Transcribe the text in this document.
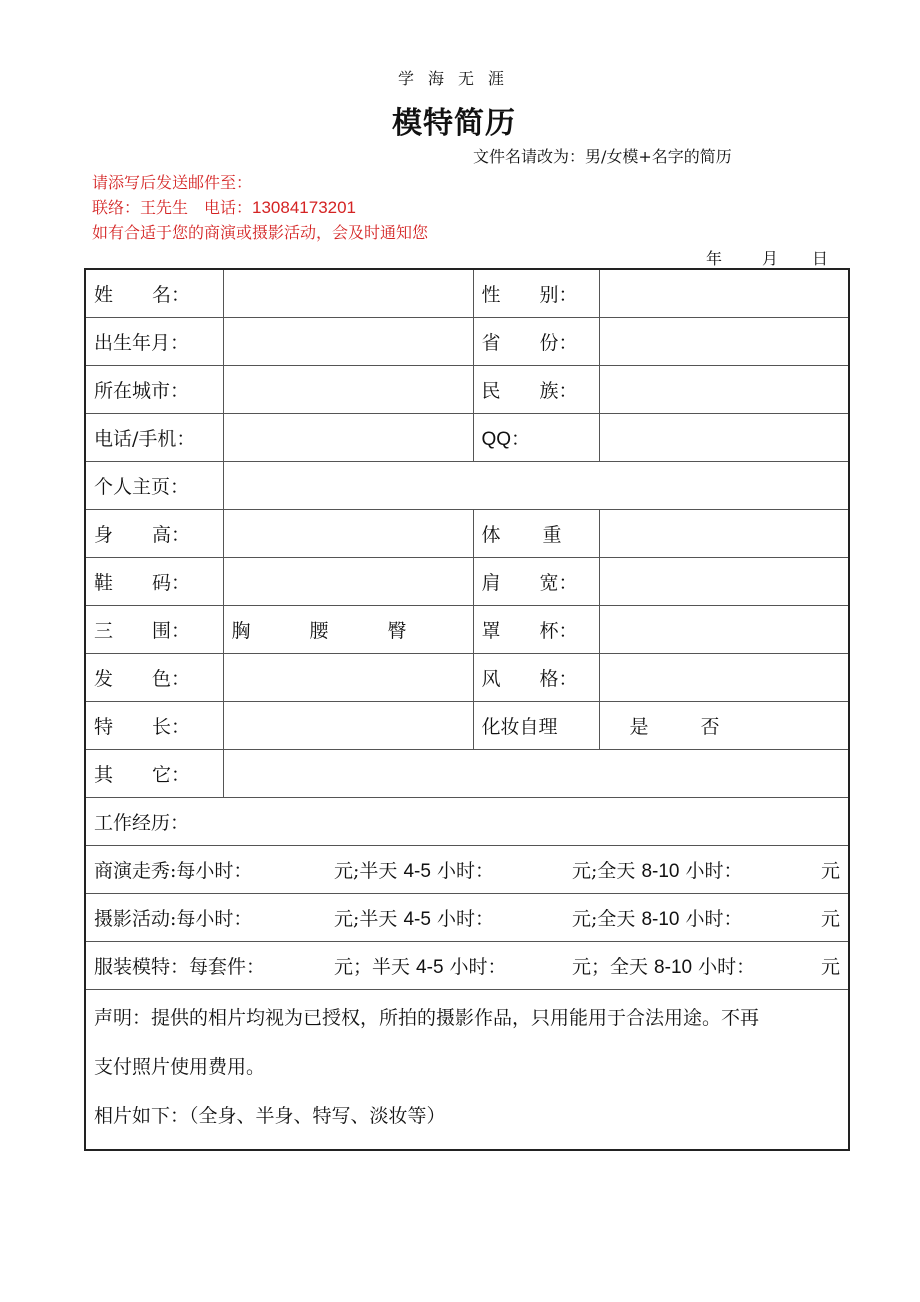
学海无涯
模特简历
文件名请改为：男/女模+名字的简历
请添写后发送邮件至：
联络：王先生　电话：13084173201
如有合适于您的商演或摄影活动，会及时通知您
年 月 日
姓 名：		性 别：	

出生年月：		省 份：	

所在城市：		民 族：	

电话/手机：		QQ：	
个人主页：			

身 高：		体 重	

鞋 码：		肩 宽：	

三 围：	胸 腰 臀	罩 杯：	

发 色：		风 格：	

特 长：		化妆自理	是 否

其 它：			

工作经历：			

商演走秀:每小时： 元;半天 4-5 小时： 元;全天 8-10 小时： 元			

摄影活动:每小时： 元;半天 4-5 小时： 元;全天 8-10 小时： 元			

服装模特：每套件： 元；半天 4-5 小时： 元；全天 8-10 小时： 元			

声明：提供的相片均视为已授权，所拍的摄影作品，只用能用于合法用途。不再
支付照片使用费用。
相片如下：（全身、半身、特写、淡妆等）			
